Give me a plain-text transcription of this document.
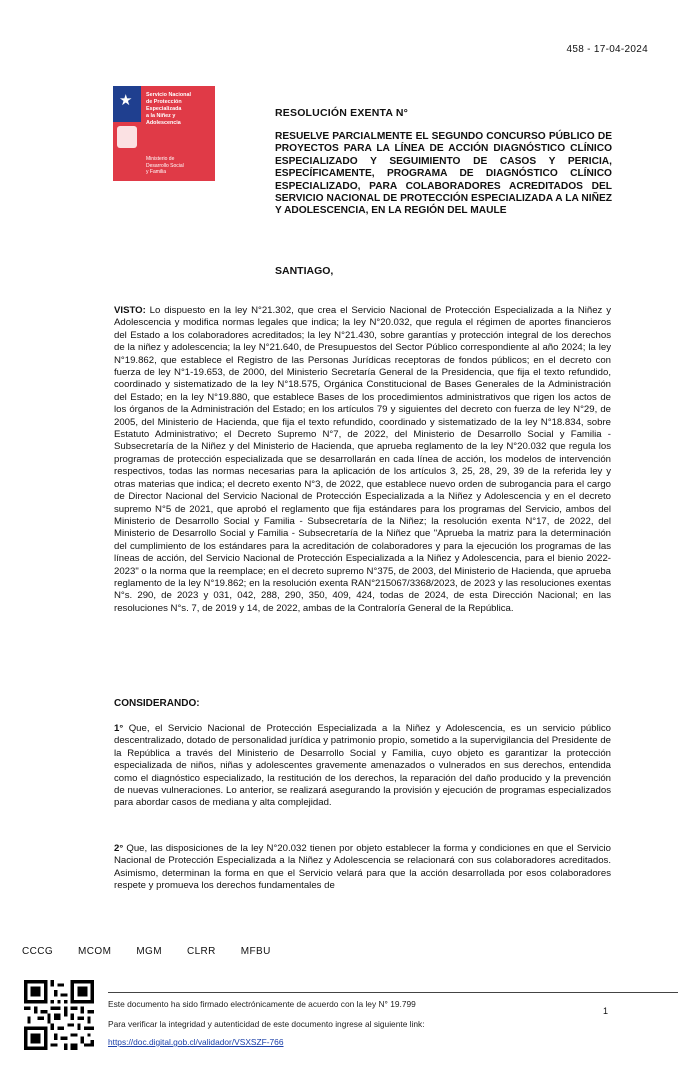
458 - 17-04-2024
★	Servicio Nacional
de Protección
Especializada
a la Niñez y
Adolescencia
Ministerio de
Desarrollo Social
y Familia
RESOLUCIÓN EXENTA N°
RESUELVE PARCIALMENTE EL SEGUNDO CONCURSO PÚBLICO DE PROYECTOS PARA LA LÍNEA DE ACCIÓN DIAGNÓSTICO CLÍNICO ESPECIALIZADO Y SEGUIMIENTO DE CASOS Y PERICIA, ESPECÍFICAMENTE, PROGRAMA DE DIAGNÓSTICO CLÍNICO ESPECIALIZADO, PARA COLABORADORES ACREDITADOS DEL SERVICIO NACIONAL DE PROTECCIÓN ESPECIALIZADA A LA NIÑEZ Y ADOLESCENCIA, EN LA REGIÓN DEL MAULE
SANTIAGO,
VISTO: Lo dispuesto en la ley N°21.302, que crea el Servicio Nacional de Protección Especializada a la Niñez y Adolescencia y modifica normas legales que indica; la ley N°20.032, que regula el régimen de aportes financieros del Estado a los colaboradores acreditados; la ley N°21.430, sobre garantías y protección integral de los derechos de la niñez y adolescencia; la ley N°21.640, de Presupuestos del Sector Público correspondiente al año 2024; la ley N°19.862, que establece el Registro de las Personas Jurídicas receptoras de fondos públicos; en el decreto con fuerza de ley N°1-19.653, de 2000, del Ministerio Secretaría General de la Presidencia, que fija el texto refundido, coordinado y sistematizado de la ley N°18.575, Orgánica Constitucional de Bases Generales de la Administración del Estado; en la ley N°19.880, que establece Bases de los procedimientos administrativos que rigen los actos de los órganos de la Administración del Estado; en los artículos 79 y siguientes del decreto con fuerza de ley N°29, de 2005, del Ministerio de Hacienda, que fija el texto refundido, coordinado y sistematizado de la ley N°18.834, sobre Estatuto Administrativo; el Decreto Supremo N°7, de 2022, del Ministerio de Desarrollo Social y Familia - Subsecretaría de la Niñez y del Ministerio de Hacienda, que aprueba reglamento de la ley N°20.032 que regula los programas de protección especializada que se desarrollarán en cada línea de acción, los modelos de intervención respectivos, todas las normas necesarias para la aplicación de los artículos 3, 25, 28, 29, 39 de la referida ley y otras materias que indica; el decreto exento N°3, de 2022, que establece nuevo orden de subrogancia para el cargo de Director Nacional del Servicio Nacional de Protección Especializada a la Niñez y Adolescencia y en el decreto supremo N°5 de 2021, que aprobó el reglamento que fija estándares para los programas del Servicio, ambos del Ministerio de Desarrollo Social y Familia - Subsecretaría de la Niñez; la resolución exenta N°17, de 2022, del Ministerio de Desarrollo Social y Familia - Subsecretaría de la Niñez que "Aprueba la matriz para la determinación del cumplimiento de los estándares para la acreditación de colaboradores y para la ejecución los programas de las líneas de acción, del Servicio Nacional de Protección Especializada a la Niñez y Adolescencia, para el bienio 2022-2023" o la norma que la reemplace; en el decreto supremo N°375, de 2003, del Ministerio de Hacienda, que aprueba reglamento de la ley N°19.862; en la resolución exenta RAN°215067/3368/2023, de 2023 y las resoluciones exentas N°s. 290, de 2023 y 031, 042, 288, 290, 350, 409, 424, todas de 2024, de esta Dirección Nacional; en las resoluciones N°s. 7, de 2019 y 14, de 2022, ambas de la Contraloría General de la República.
CONSIDERANDO:
1° Que, el Servicio Nacional de Protección Especializada a la Niñez y Adolescencia, es un servicio público descentralizado, dotado de personalidad jurídica y patrimonio propio, sometido a la supervigilancia del Presidente de la República a través del Ministerio de Desarrollo Social y Familia, cuyo objeto es garantizar la protección especializada de niños, niñas y adolescentes gravemente amenazados o vulnerados en sus derechos, entendida como el diagnóstico especializado, la restitución de los derechos, la reparación del daño producido y la prevención de nuevas vulneraciones. Lo anterior, se realizará asegurando la provisión y ejecución de programas especializados para abordar casos de mediana y alta complejidad.
2° Que, las disposiciones de la ley N°20.032 tienen por objeto establecer la forma y condiciones en que el Servicio Nacional de Protección Especializada a la Niñez y Adolescencia se relacionará con sus colaboradores acreditados. Asimismo, determinan la forma en que el Servicio velará para que la acción desarrollada por esos colaboradores respete y promueva los derechos fundamentales de
CCCG	MCOM	MGM	CLRR	MFBU
Este documento ha sido firmado electrónicamente de acuerdo con la ley N° 19.799
Para verificar la integridad y autenticidad de este documento ingrese al siguiente link:
https://doc.digital.gob.cl/validador/VSXSZF-766
1
